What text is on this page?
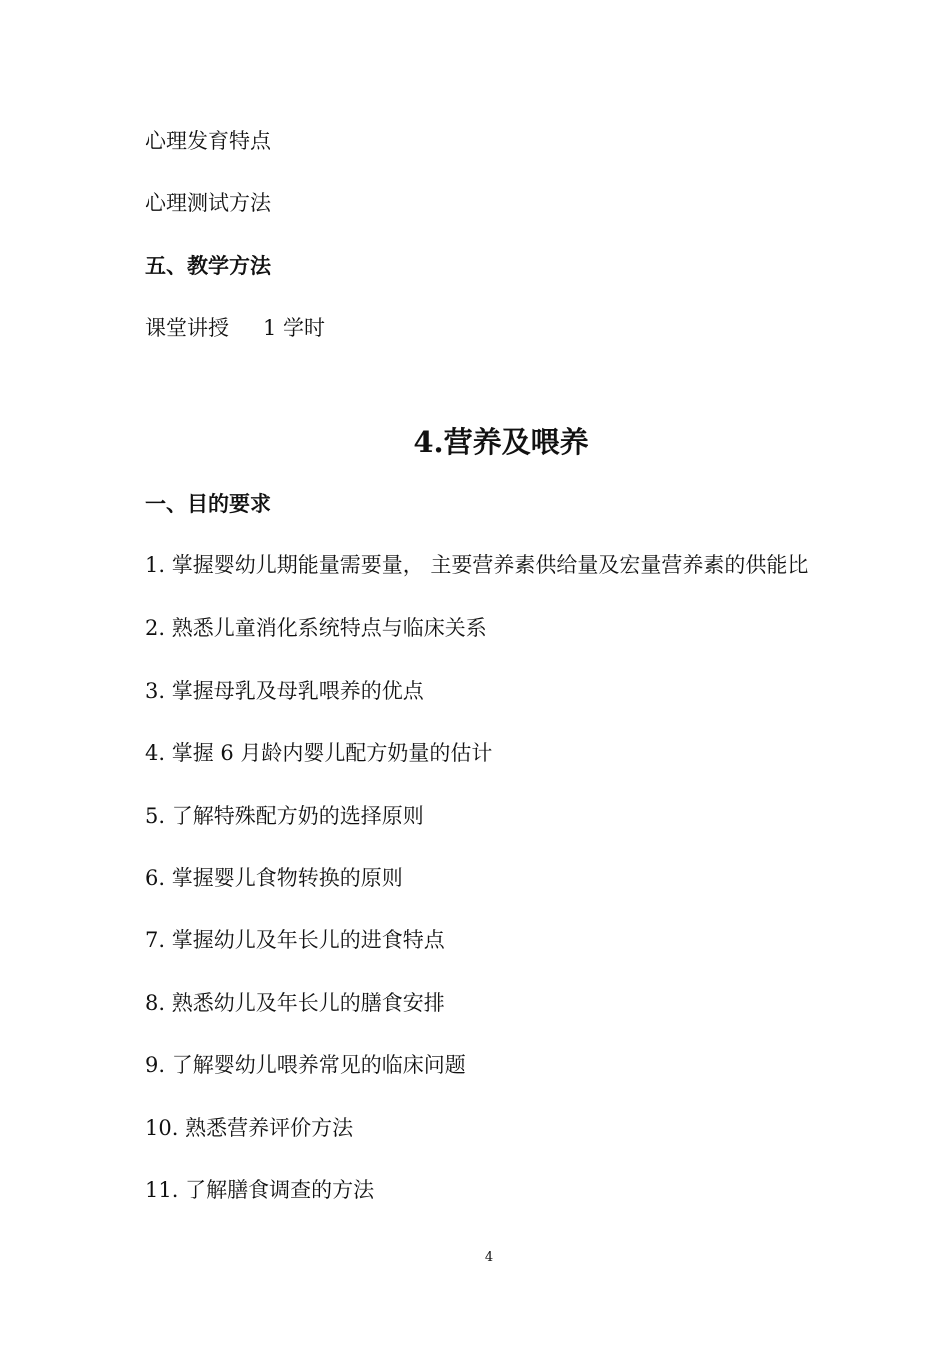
心理发育特点
心理测试方法
五、教学方法
课堂讲授 1 学时
4.营养及喂养
一、目的要求
1. 掌握婴幼儿期能量需要量， 主要营养素供给量及宏量营养素的供能比
2. 熟悉儿童消化系统特点与临床关系
3. 掌握母乳及母乳喂养的优点
4. 掌握 6 月龄内婴儿配方奶量的估计
5. 了解特殊配方奶的选择原则
6. 掌握婴儿食物转换的原则
7. 掌握幼儿及年长儿的进食特点
8. 熟悉幼儿及年长儿的膳食安排
9. 了解婴幼儿喂养常见的临床问题
10. 熟悉营养评价方法
11. 了解膳食调查的方法
4
